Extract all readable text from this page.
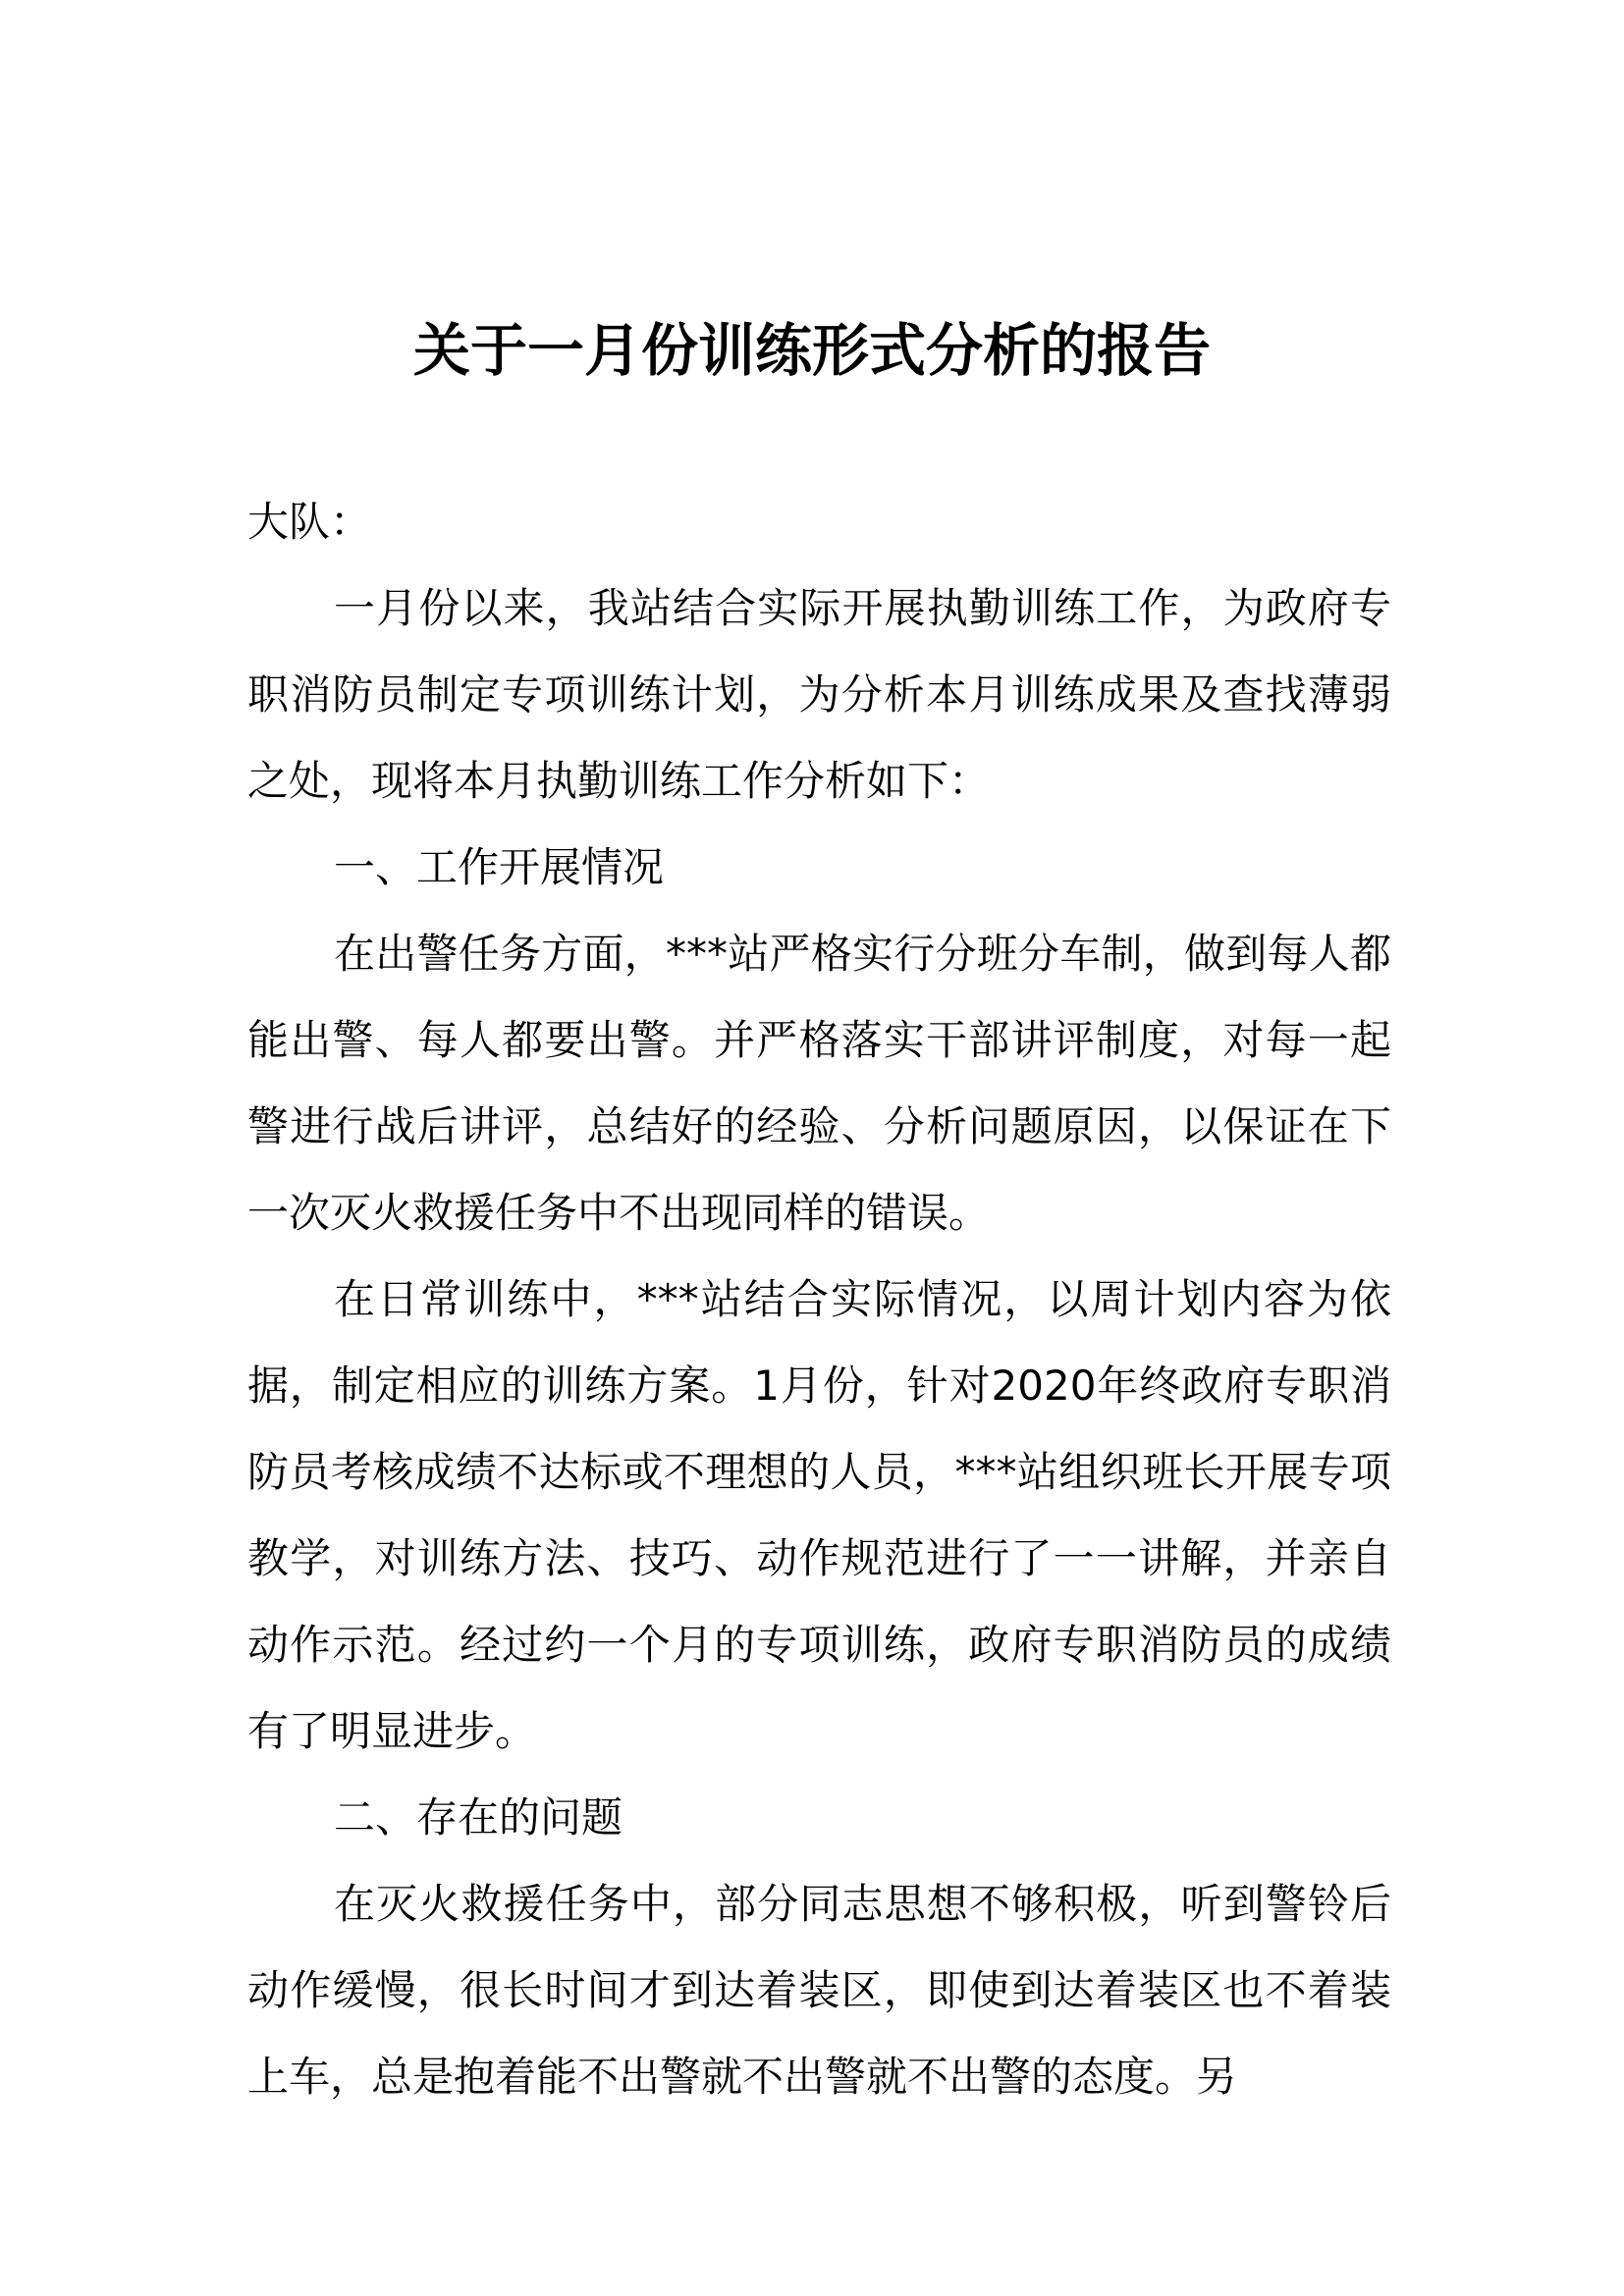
关于一月份训练形式分析的报告

大队：

一月份以来，我站结合实际开展执勤训练工作，为政府专职消防员制定专项训练计划，为分析本月训练成果及查找薄弱之处，现将本月执勤训练工作分析如下：

一、工作开展情况

在出警任务方面，***站严格实行分班分车制，做到每人都能出警、每人都要出警。并严格落实干部讲评制度，对每一起警进行战后讲评，总结好的经验、分析问题原因，以保证在下一次灭火救援任务中不出现同样的错误。

在日常训练中，***站结合实际情况，以周计划内容为依据，制定相应的训练方案。1月份，针对2020年终政府专职消防员考核成绩不达标或不理想的人员，***站组织班长开展专项教学，对训练方法、技巧、动作规范进行了一一讲解，并亲自动作示范。经过约一个月的专项训练，政府专职消防员的成绩有了明显进步。

二、存在的问题

在灭火救援任务中，部分同志思想不够积极，听到警铃后动作缓慢，很长时间才到达着装区，即使到达着装区也不着装上车，总是抱着能不出警就不出警就不出警的态度。另
